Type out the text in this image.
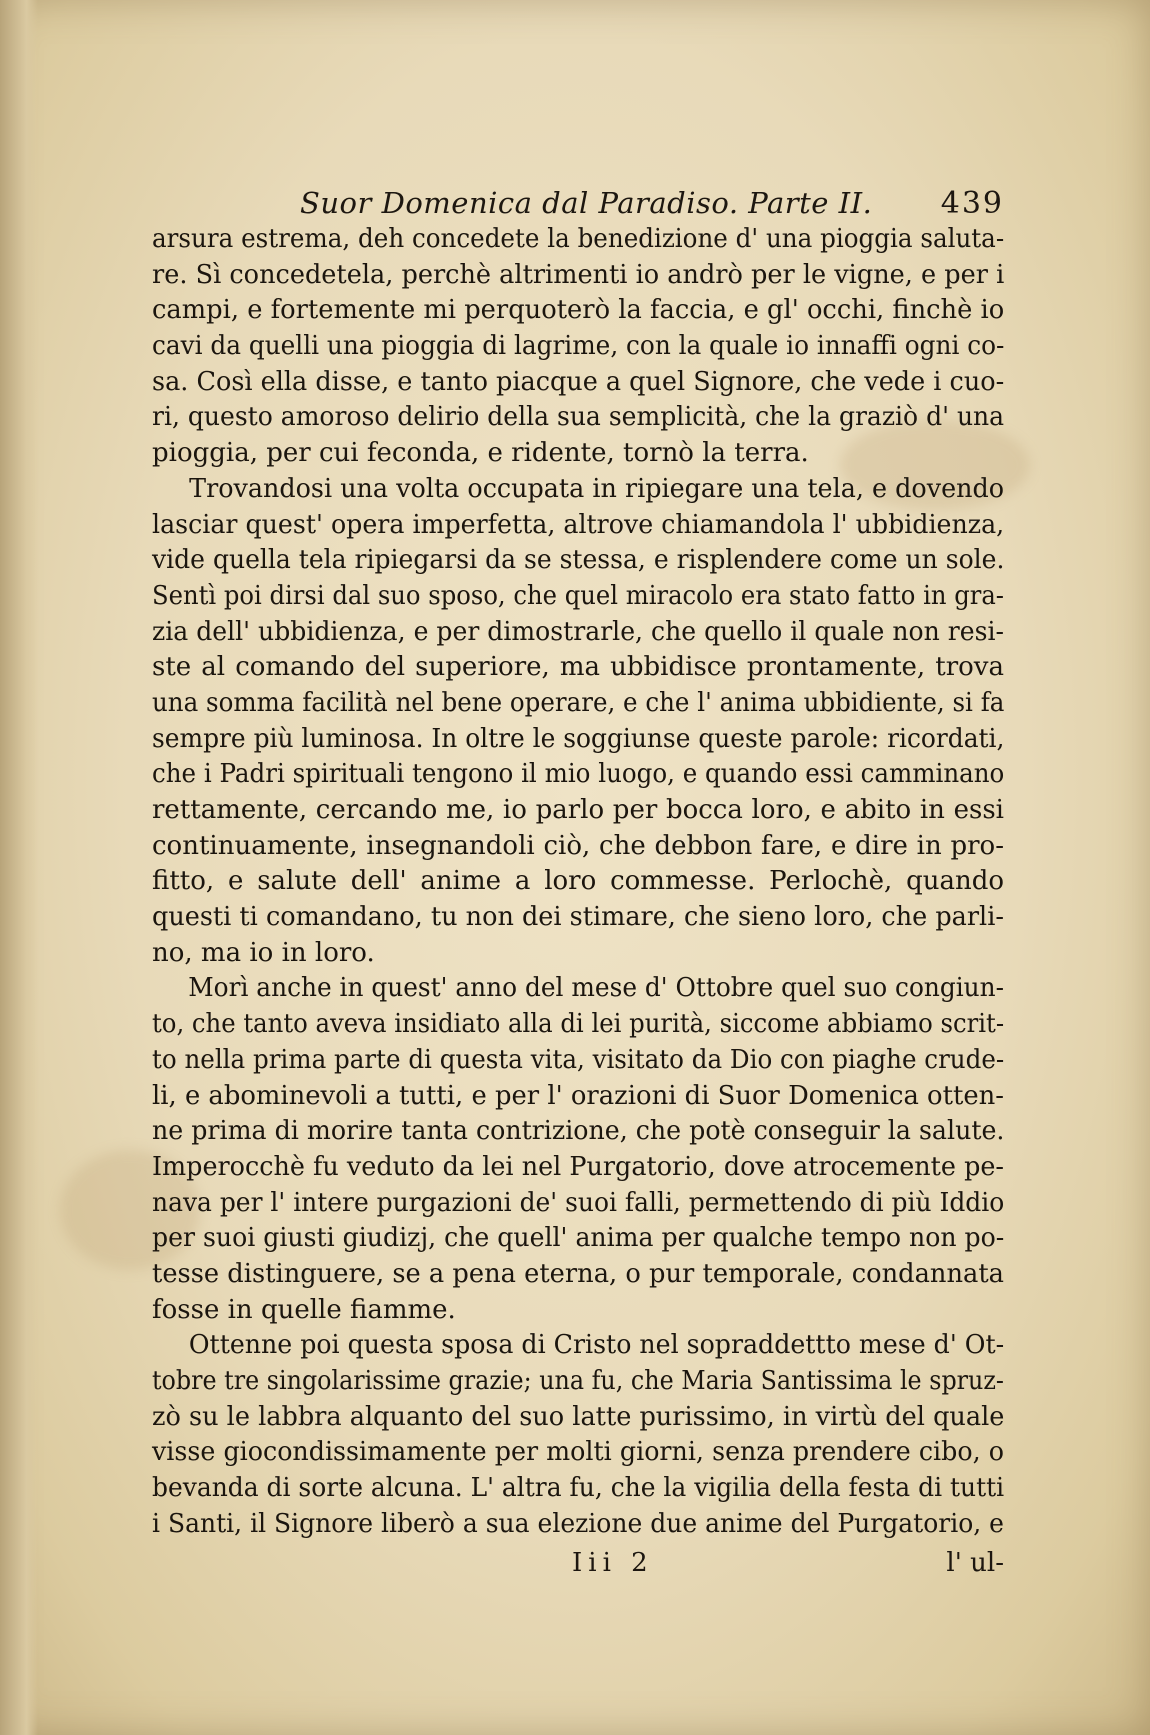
Suor Domenica dal Paradiso. Parte II. 439
arsura estrema, deh concedete la benedizione d' una pioggia saluta-
re. Sì concedetela, perchè altrimenti io andrò per le vigne, e per i
campi, e fortemente mi perquoterò la faccia, e gl' occhi, finchè io
cavi da quelli una pioggia di lagrime, con la quale io innaffi ogni co-
sa. Così ella disse, e tanto piacque a quel Signore, che vede i cuo-
ri, questo amoroso delirio della sua semplicità, che la graziò d' una
pioggia, per cui feconda, e ridente, tornò la terra.
Trovandosi una volta occupata in ripiegare una tela, e dovendo
lasciar quest' opera imperfetta, altrove chiamandola l' ubbidienza,
vide quella tela ripiegarsi da se stessa, e risplendere come un sole.
Sentì poi dirsi dal suo sposo, che quel miracolo era stato fatto in gra-
zia dell' ubbidienza, e per dimostrarle, che quello il quale non resi-
ste al comando del superiore, ma ubbidisce prontamente, trova
una somma facilità nel bene operare, e che l' anima ubbidiente, si fa
sempre più luminosa. In oltre le soggiunse queste parole: ricordati,
che i Padri spirituali tengono il mio luogo, e quando essi camminano
rettamente, cercando me, io parlo per bocca loro, e abito in essi
continuamente, insegnandoli ciò, che debbon fare, e dire in pro-
fitto, e salute dell' anime a loro commesse. Perlochè, quando
questi ti comandano, tu non dei stimare, che sieno loro, che parli-
no, ma io in loro.
Morì anche in quest' anno del mese d' Ottobre quel suo congiun-
to, che tanto aveva insidiato alla di lei purità, siccome abbiamo scrit-
to nella prima parte di questa vita, visitato da Dio con piaghe crude-
li, e abominevoli a tutti, e per l' orazioni di Suor Domenica otten-
ne prima di morire tanta contrizione, che potè conseguir la salute.
Imperocchè fu veduto da lei nel Purgatorio, dove atrocemente pe-
nava per l' intere purgazioni de' suoi falli, permettendo di più Iddio
per suoi giusti giudizj, che quell' anima per qualche tempo non po-
tesse distinguere, se a pena eterna, o pur temporale, condannata
fosse in quelle fiamme.
Ottenne poi questa sposa di Cristo nel sopraddettto mese d' Ot-
tobre tre singolarissime grazie; una fu, che Maria Santissima le spruz-
zò su le labbra alquanto del suo latte purissimo, in virtù del quale
visse giocondissimamente per molti giorni, senza prendere cibo, o
bevanda di sorte alcuna. L' altra fu, che la vigilia della festa di tutti
i Santi, il Signore liberò a sua elezione due anime del Purgatorio, e
Iii 2	l' ul-
